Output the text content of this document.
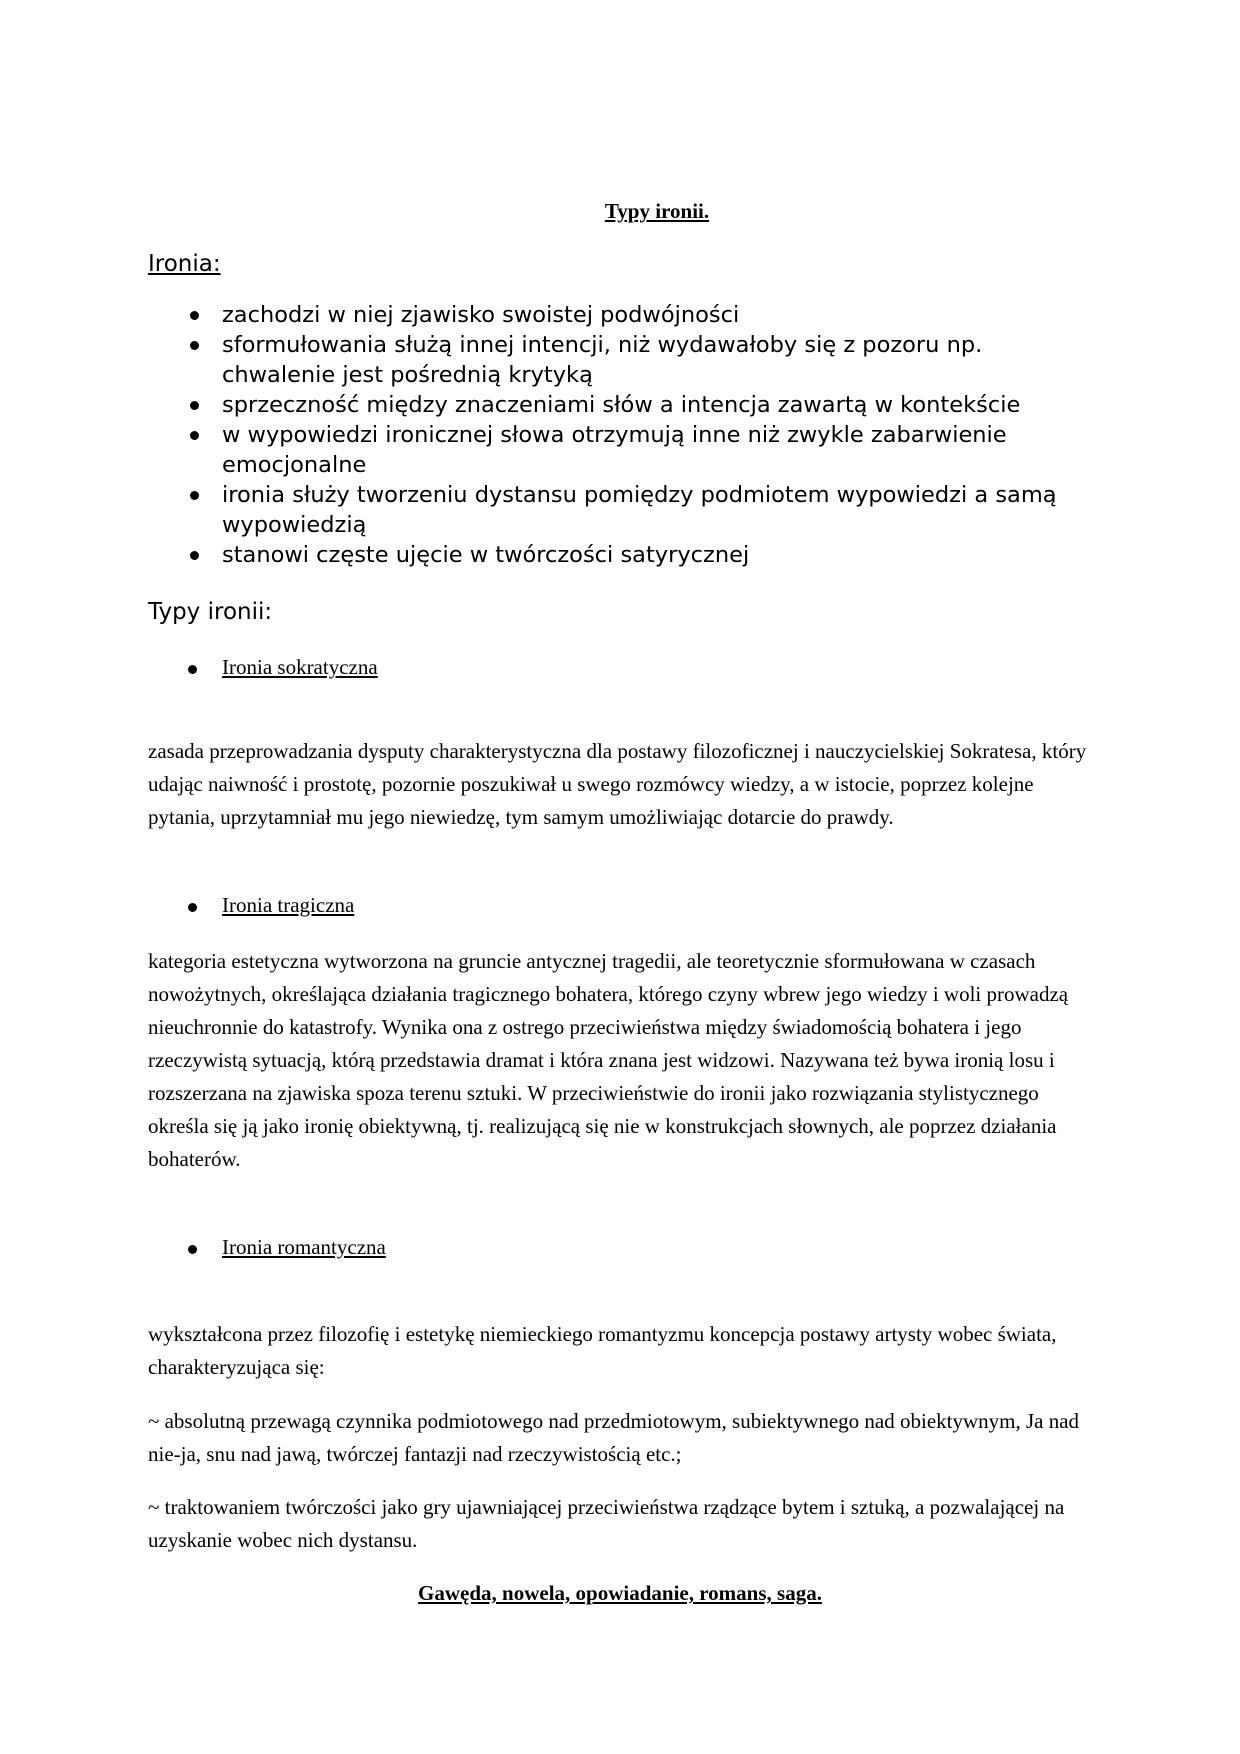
Typy ironii.
Ironia:
zachodzi w niej zjawisko swoistej podwójności
sformułowania służą innej intencji, niż wydawałoby się z pozoru np. chwalenie jest pośrednią krytyką
sprzeczność między znaczeniami słów a intencja zawartą w kontekście
w wypowiedzi ironicznej słowa otrzymują inne niż zwykle zabarwienie emocjonalne
ironia służy tworzeniu dystansu pomiędzy podmiotem wypowiedzi a samą wypowiedzią
stanowi częste ujęcie w twórczości satyrycznej
Typy ironii:
Ironia sokratyczna

zasada przeprowadzania dysputy charakterystyczna dla postawy filozoficznej i nauczycielskiej Sokratesa, który udając naiwność i prostotę, pozornie poszukiwał u swego rozmówcy wiedzy, a w istocie, poprzez kolejne pytania, uprzytamniał mu jego niewiedzę, tym samym umożliwiając dotarcie do prawdy.

Ironia tragiczna

kategoria estetyczna wytworzona na gruncie antycznej tragedii, ale teoretycznie sformułowana w czasach nowożytnych, określająca działania tragicznego bohatera, którego czyny wbrew jego wiedzy i woli prowadzą nieuchronnie do katastrofy. Wynika ona z ostrego przeciwieństwa między świadomością bohatera i jego rzeczywistą sytuacją, którą przedstawia dramat i która znana jest widzowi. Nazywana też bywa ironią losu i rozszerzana na zjawiska spoza terenu sztuki. W przeciwieństwie do ironii jako rozwiązania stylistycznego określa się ją jako ironię obiektywną, tj. realizującą się nie w konstrukcjach słownych, ale poprzez działania bohaterów.

Ironia romantyczna

wykształcona przez filozofię i estetykę niemieckiego romantyzmu koncepcja postawy artysty wobec świata, charakteryzująca się:

~ absolutną przewagą czynnika podmiotowego nad przedmiotowym, subiektywnego nad obiektywnym, Ja nad nie-ja, snu nad jawą, twórczej fantazji nad rzeczywistością etc.;

~ traktowaniem twórczości jako gry ujawniającej przeciwieństwa rządzące bytem i sztuką, a pozwalającej na uzyskanie wobec nich dystansu.

Gawęda, nowela, opowiadanie, romans, saga.
